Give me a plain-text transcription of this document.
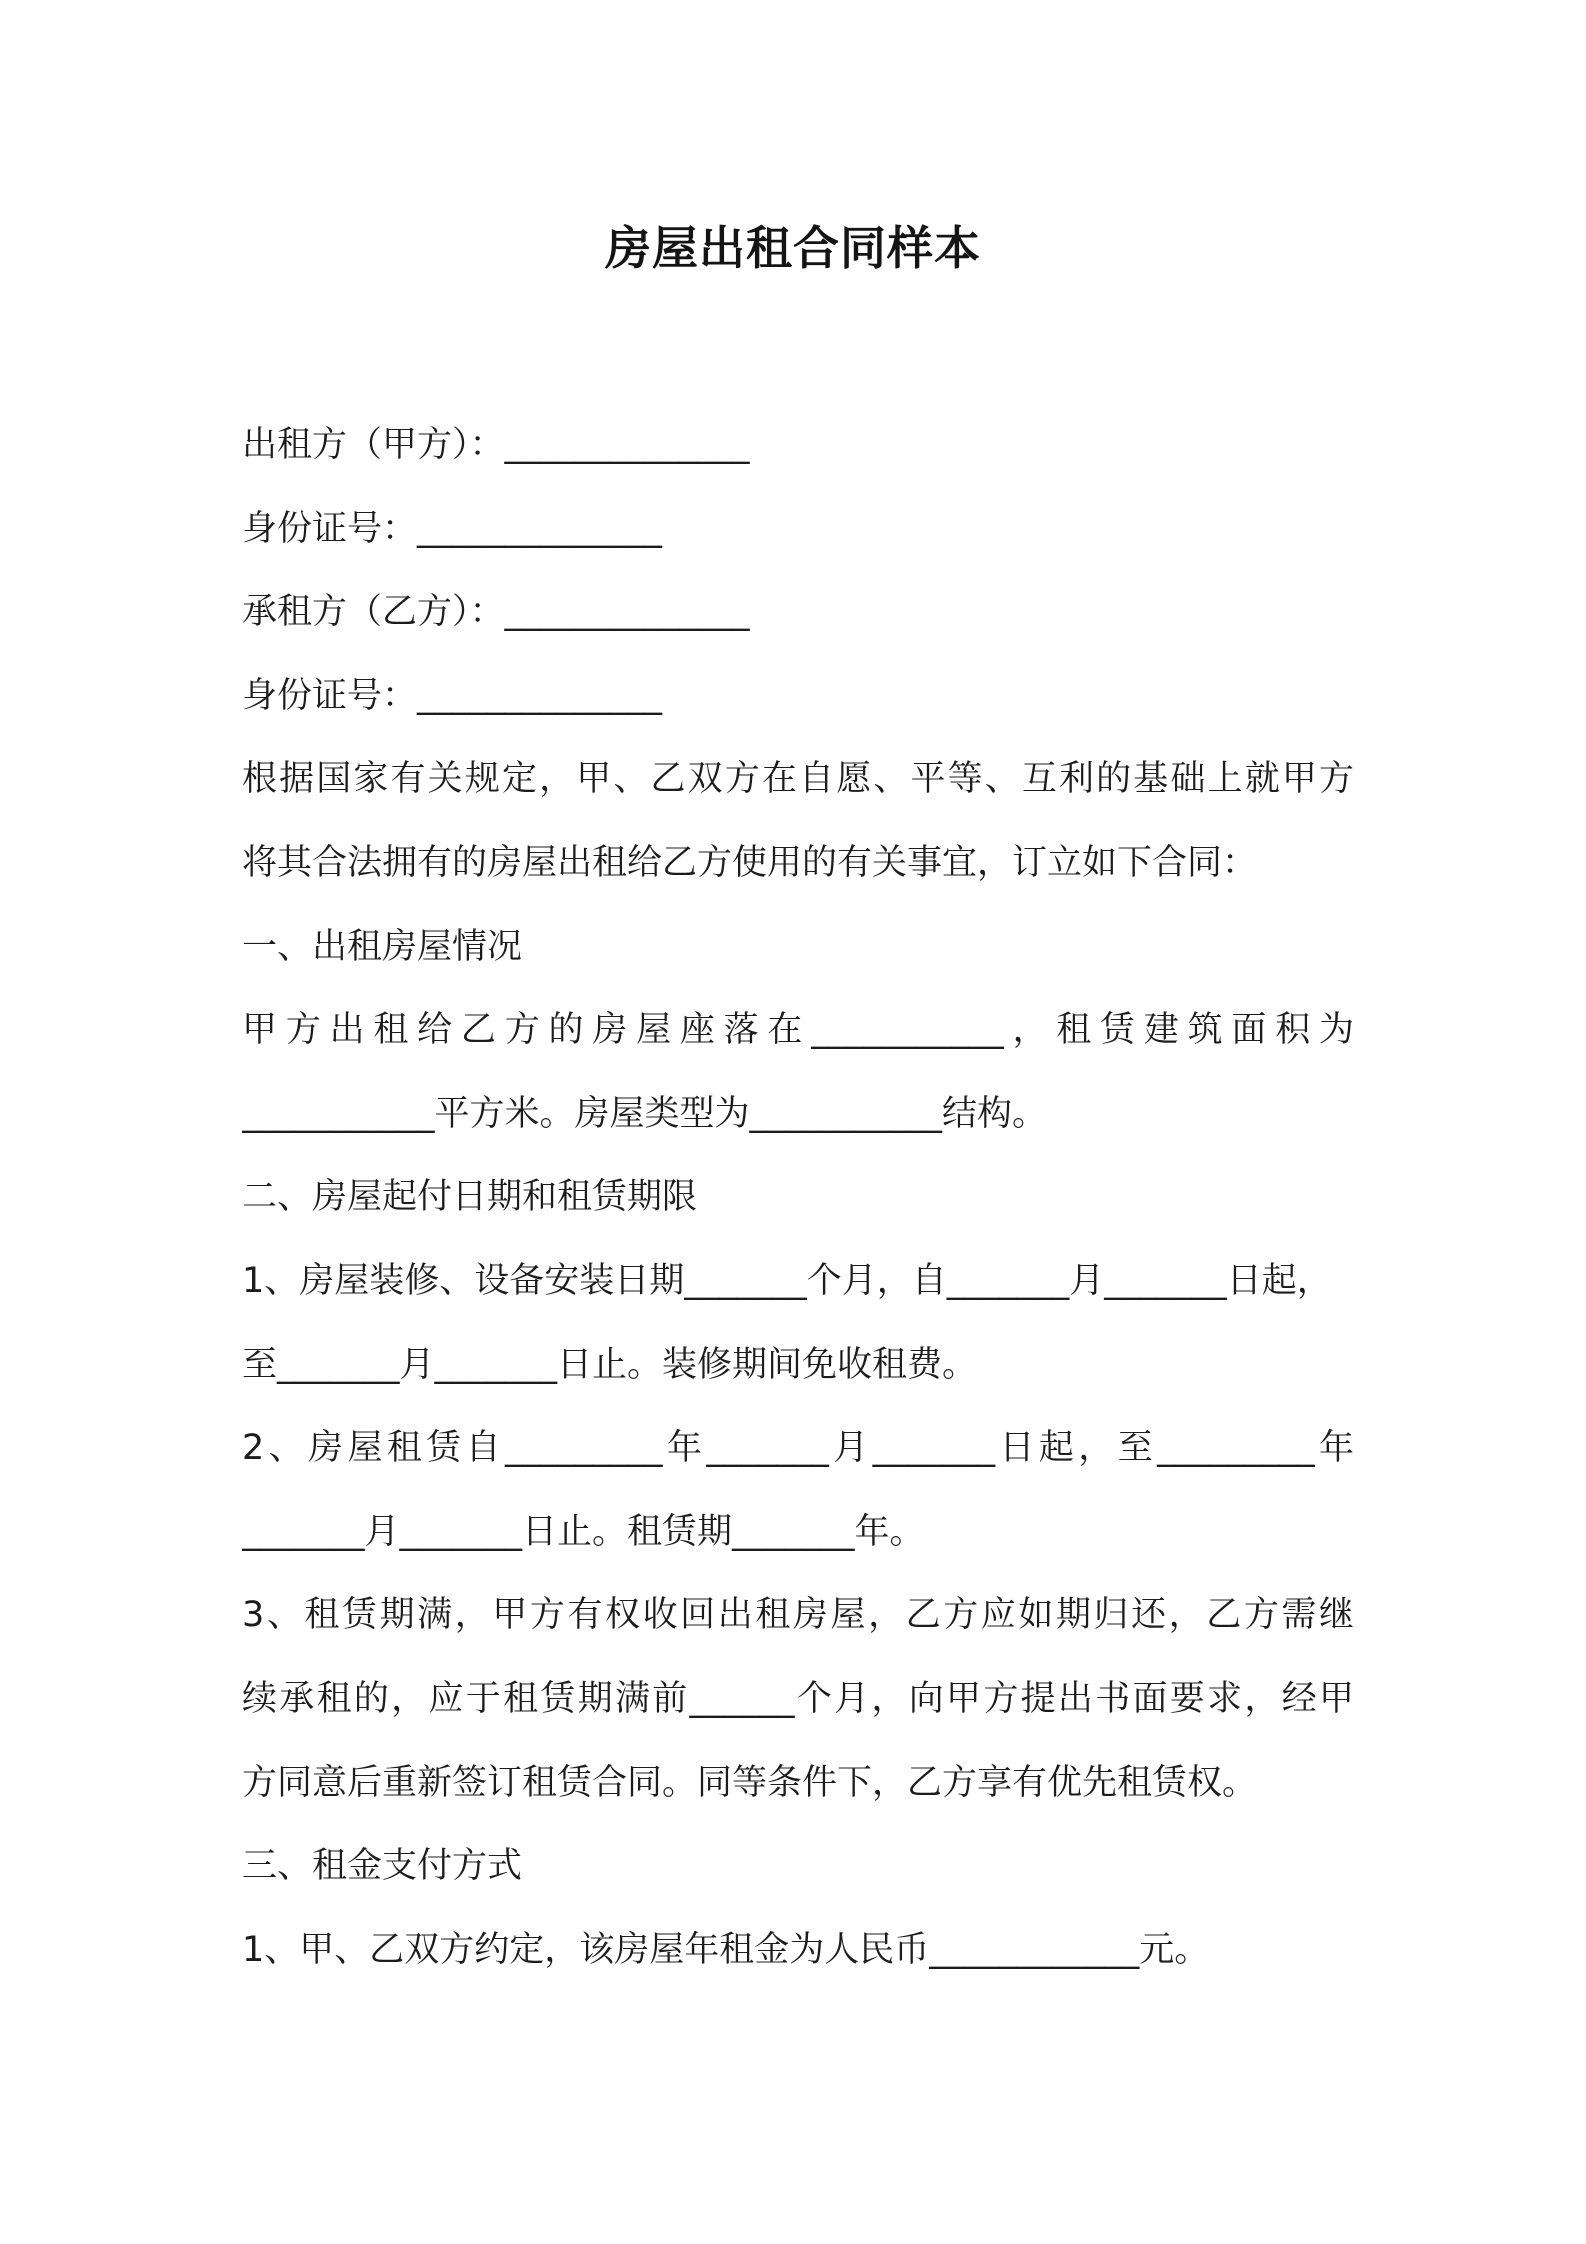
房屋出租合同样本
出租方（甲方）：______________
身份证号：______________
承租方（乙方）：______________
身份证号：______________
根据国家有关规定，甲、乙双方在自愿、平等、互利的基础上就甲方
将其合法拥有的房屋出租给乙方使用的有关事宜，订立如下合同：
一、出租房屋情况
甲方出租给乙方的房屋座落在___________，租赁建筑面积为
___________平方米。房屋类型为___________结构。
二、房屋起付日期和租赁期限
1、房屋装修、设备安装日期_______个月，自_______月_______日起，
至_______月_______日止。装修期间免收租费。
2、房屋租赁自_________年_______月_______日起，至_________年
_______月_______日止。租赁期_______年。
3、租赁期满，甲方有权收回出租房屋，乙方应如期归还，乙方需继
续承租的，应于租赁期满前______个月，向甲方提出书面要求，经甲
方同意后重新签订租赁合同。同等条件下，乙方享有优先租赁权。
三、租金支付方式
1、甲、乙双方约定，该房屋年租金为人民币____________元。
